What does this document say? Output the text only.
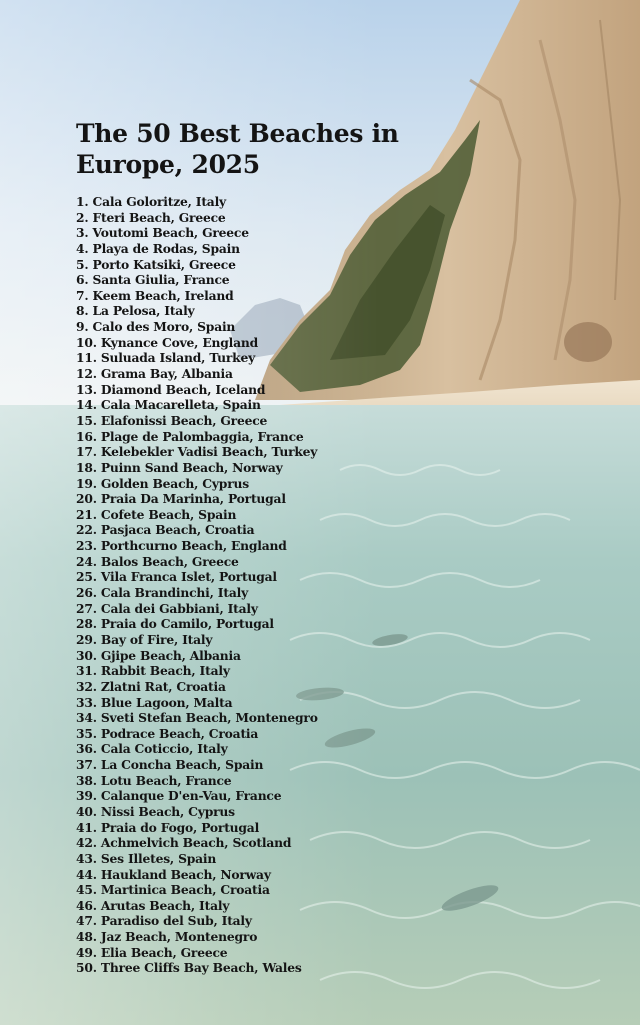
The 50 Best Beaches in Europe, 2025
1. Cala Goloritze, Italy
2. Fteri Beach, Greece
3. Voutomi Beach, Greece
4. Playa de Rodas, Spain
5. Porto Katsiki, Greece
6. Santa Giulia, France
7. Keem Beach, Ireland
8. La Pelosa, Italy
9. Calo des Moro, Spain
10. Kynance Cove, England
11. Suluada Island, Turkey
12. Grama Bay, Albania
13. Diamond Beach, Iceland
14. Cala Macarelleta, Spain
15. Elafonissi Beach, Greece
16. Plage de Palombaggia, France
17. Kelebekler Vadisi Beach, Turkey
18. Puinn Sand Beach, Norway
19. Golden Beach, Cyprus
20. Praia Da Marinha, Portugal
21. Cofete Beach, Spain
22. Pasjaca Beach, Croatia
23. Porthcurno Beach, England
24. Balos Beach, Greece
25. Vila Franca Islet, Portugal
26. Cala Brandinchi, Italy
27. Cala dei Gabbiani, Italy
28. Praia do Camilo, Portugal
29. Bay of Fire, Italy
30. Gjipe Beach, Albania
31. Rabbit Beach, Italy
32. Zlatni Rat, Croatia
33. Blue Lagoon, Malta
34. Sveti Stefan Beach, Montenegro
35. Podrace Beach, Croatia
36. Cala Coticcio, Italy
37. La Concha Beach, Spain
38. Lotu Beach, France
39. Calanque D'en-Vau, France
40. Nissi Beach, Cyprus
41. Praia do Fogo, Portugal
42. Achmelvich Beach, Scotland
43. Ses Illetes, Spain
44. Haukland Beach, Norway
45. Martinica Beach, Croatia
46. Arutas Beach, Italy
47. Paradiso del Sub, Italy
48. Jaz Beach, Montenegro
49. Elia Beach, Greece
50. Three Cliffs Bay Beach, Wales
